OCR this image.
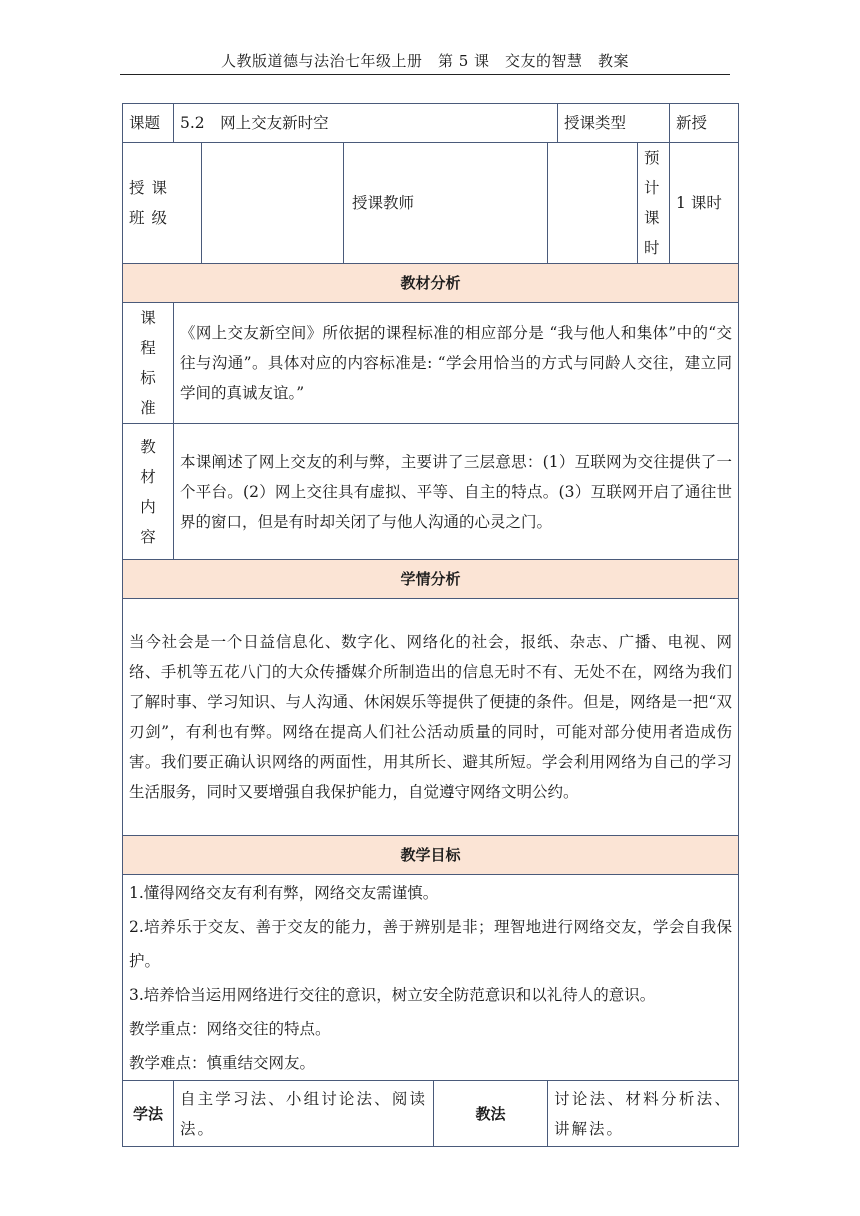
人教版道德与法治七年级上册　第 5 课　交友的智慧　教案
课题	5.2　网上交友新时空					授课类型		新授
授课班级			授课教师				预计课时	1 课时
教材分析								
课程标准	《网上交友新空间》所依据的课程标准的相应部分是 “我与他人和集体”中的“交往与沟通”。具体对应的内容标准是: “学会用恰当的方式与同龄人交往，建立同学间的真诚友谊。”							
教材内容	本课阐述了网上交友的利与弊，主要讲了三层意思：(1）互联网为交往提供了一个平台。(2）网上交往具有虚拟、平等、自主的特点。(3）互联网开启了通往世界的窗口，但是有时却关闭了与他人沟通的心灵之门。							
学情分析								
当今社会是一个日益信息化、数字化、网络化的社会，报纸、杂志、广播、电视、网络、手机等五花八门的大众传播媒介所制造出的信息无时不有、无处不在，网络为我们了解时事、学习知识、与人沟通、休闲娱乐等提供了便捷的条件。但是，网络是一把“双刃剑”，有利也有弊。网络在提高人们社公活动质量的同时，可能对部分使用者造成伤害。我们要正确认识网络的两面性，用其所长、避其所短。学会利用网络为自己的学习生活服务，同时又要增强自我保护能力，自觉遵守网络文明公约。								
教学目标								

1.懂得网络交友有利有弊，网络交友需谨慎。
2.培养乐于交友、善于交友的能力，善于辨别是非；理智地进行网络交友，学会自我保护。
3.培养恰当运用网络进行交往的意识，树立安全防范意识和以礼待人的意识。
教学重点：网络交往的特点。
教学难点：慎重结交网友。								

学法	自主学习法、小组讨论法、阅读法。			教法	讨论法、材料分析法、讲解法。			
